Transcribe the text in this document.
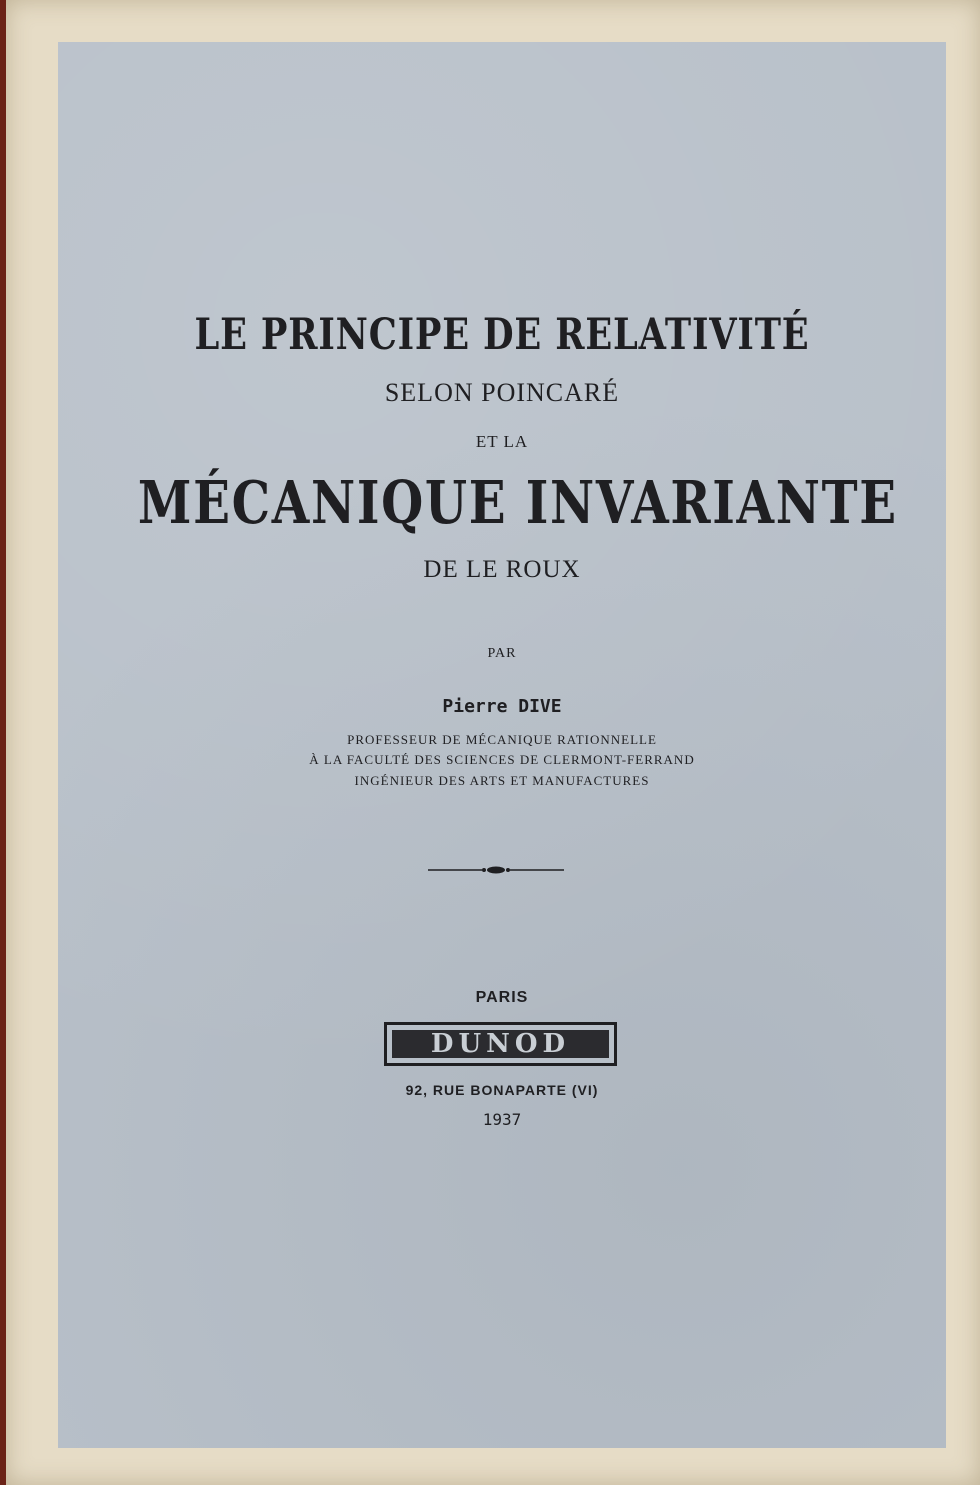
LE PRINCIPE DE RELATIVITÉ
SELON POINCARÉ
ET LA
MÉCANIQUE INVARIANTE
DE LE ROUX
PAR
Pierre DIVE
PROFESSEUR DE MÉCANIQUE RATIONNELLE
À LA FACULTÉ DES SCIENCES DE CLERMONT-FERRAND
INGÉNIEUR DES ARTS ET MANUFACTURES
PARIS
DUNOD
92, RUE BONAPARTE (VI)
1937
